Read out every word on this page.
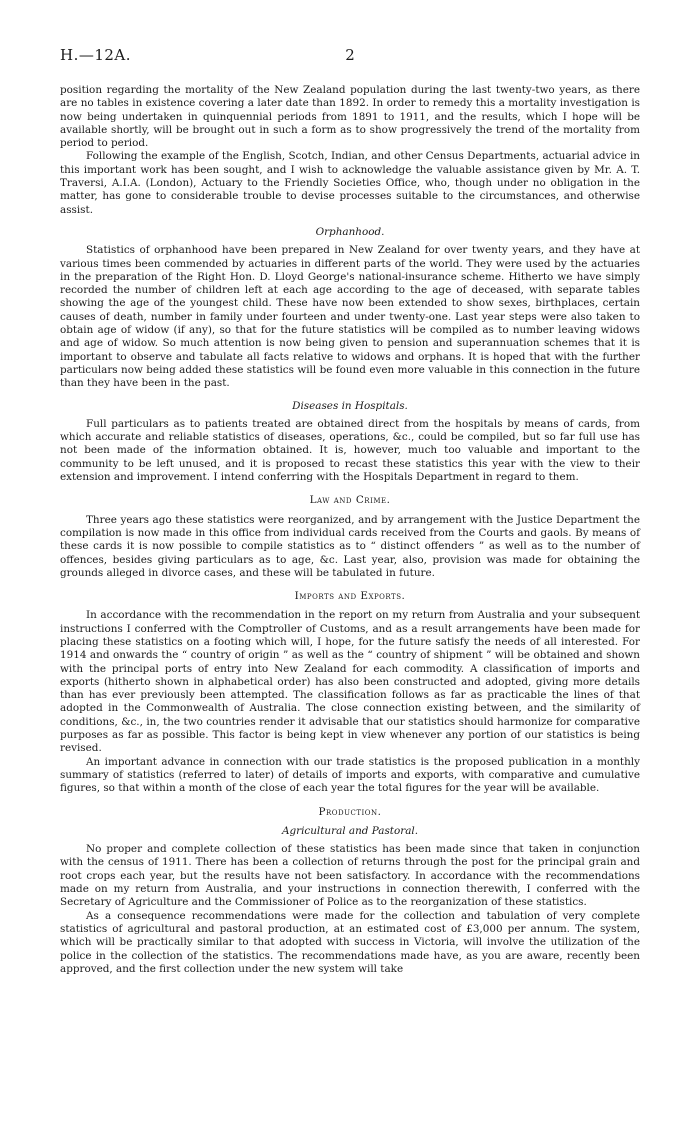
H.—12A.	2

position regarding the mortality of the New Zealand population during the last twenty-two years, as there are no tables in existence covering a later date than 1892. In order to remedy this a mortality investigation is now being undertaken in quinquennial periods from 1891 to 1911, and the results, which I hope will be available shortly, will be brought out in such a form as to show progressively the trend of the mortality from period to period.

Following the example of the English, Scotch, Indian, and other Census Departments, actuarial advice in this important work has been sought, and I wish to acknowledge the valuable assistance given by Mr. A. T. Traversi, A.I.A. (London), Actuary to the Friendly Societies Office, who, though under no obligation in the matter, has gone to considerable trouble to devise processes suitable to the circumstances, and otherwise assist.

Orphanhood.

Statistics of orphanhood have been prepared in New Zealand for over twenty years, and they have at various times been commended by actuaries in different parts of the world. They were used by the actuaries in the preparation of the Right Hon. D. Lloyd George's national-insurance scheme. Hitherto we have simply recorded the number of children left at each age according to the age of deceased, with separate tables showing the age of the youngest child. These have now been extended to show sexes, birthplaces, certain causes of death, number in family under fourteen and under twenty-one. Last year steps were also taken to obtain age of widow (if any), so that for the future statistics will be compiled as to number leaving widows and age of widow. So much attention is now being given to pension and superannuation schemes that it is important to observe and tabulate all facts relative to widows and orphans. It is hoped that with the further particulars now being added these statistics will be found even more valuable in this connection in the future than they have been in the past.

Diseases in Hospitals.

Full particulars as to patients treated are obtained direct from the hospitals by means of cards, from which accurate and reliable statistics of diseases, operations, &c., could be compiled, but so far full use has not been made of the information obtained. It is, however, much too valuable and important to the community to be left unused, and it is proposed to recast these statistics this year with the view to their extension and improvement. I intend conferring with the Hospitals Department in regard to them.

Law and Crime.

Three years ago these statistics were reorganized, and by arrangement with the Justice Department the compilation is now made in this office from individual cards received from the Courts and gaols. By means of these cards it is now possible to compile statistics as to “ distinct offenders ” as well as to the number of offences, besides giving particulars as to age, &c. Last year, also, provision was made for obtaining the grounds alleged in divorce cases, and these will be tabulated in future.

Imports and Exports.

In accordance with the recommendation in the report on my return from Australia and your subsequent instructions I conferred with the Comptroller of Customs, and as a result arrangements have been made for placing these statistics on a footing which will, I hope, for the future satisfy the needs of all interested. For 1914 and onwards the “ country of origin ” as well as the “ country of shipment ” will be obtained and shown with the principal ports of entry into New Zealand for each commodity. A classification of imports and exports (hitherto shown in alphabetical order) has also been constructed and adopted, giving more details than has ever previously been attempted. The classification follows as far as practicable the lines of that adopted in the Commonwealth of Australia. The close connection existing between, and the similarity of conditions, &c., in, the two countries render it advisable that our statistics should harmonize for comparative purposes as far as possible. This factor is being kept in view whenever any portion of our statistics is being revised.

An important advance in connection with our trade statistics is the proposed publication in a monthly summary of statistics (referred to later) of details of imports and exports, with comparative and cumulative figures, so that within a month of the close of each year the total figures for the year will be available.

Production.
Agricultural and Pastoral.

No proper and complete collection of these statistics has been made since that taken in conjunction with the census of 1911. There has been a collection of returns through the post for the principal grain and root crops each year, but the results have not been satisfactory. In accordance with the recommendations made on my return from Australia, and your instructions in connection therewith, I conferred with the Secretary of Agriculture and the Commissioner of Police as to the reorganization of these statistics.

As a consequence recommendations were made for the collection and tabulation of very complete statistics of agricultural and pastoral production, at an estimated cost of £3,000 per annum. The system, which will be practically similar to that adopted with success in Victoria, will involve the utilization of the police in the collection of the statistics. The recommendations made have, as you are aware, recently been approved, and the first collection under the new system will take
